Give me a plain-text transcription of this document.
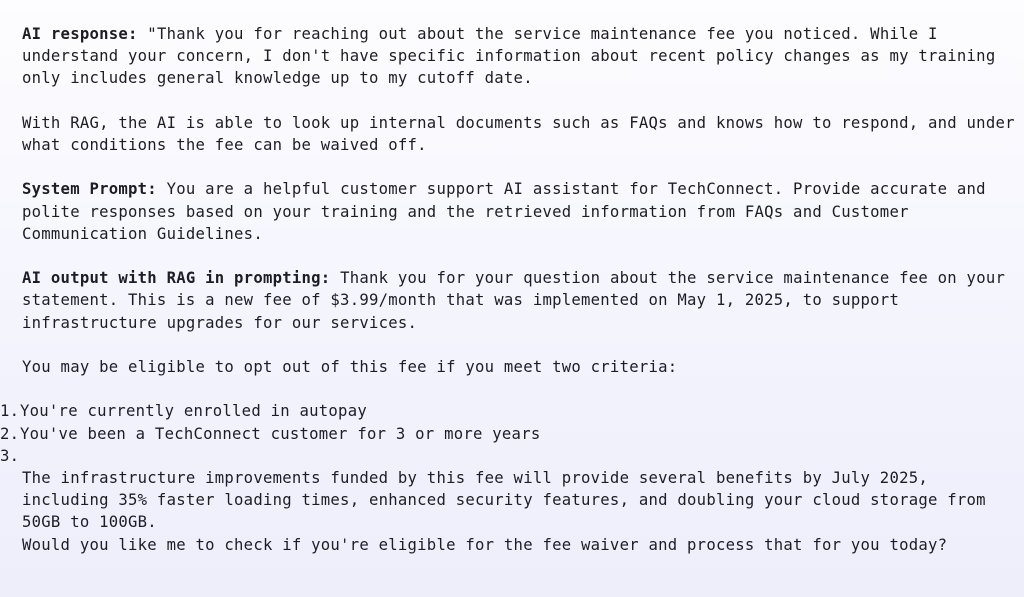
AI response: "Thank you for reaching out about the service maintenance fee you noticed. While I understand your concern, I don't have specific information about recent policy changes as my training only includes general knowledge up to my cutoff date.

With RAG, the AI is able to look up internal documents such as FAQs and knows how to respond, and under what conditions the fee can be waived off.

System Prompt: You are a helpful customer support AI assistant for TechConnect. Provide accurate and polite responses based on your training and the retrieved information from FAQs and Customer Communication Guidelines.

AI output with RAG in prompting: Thank you for your question about the service maintenance fee on your statement. This is a new fee of $3.99/month that was implemented on May 1, 2025, to support infrastructure upgrades for our services.

You may be eligible to opt out of this fee if you meet two criteria:

1.You're currently enrolled in autopay
2.You've been a TechConnect customer for 3 or more years
3.

The infrastructure improvements funded by this fee will provide several benefits by July 2025, including 35% faster loading times, enhanced security features, and doubling your cloud storage from 50GB to 100GB.

Would you like me to check if you're eligible for the fee waiver and process that for you today?
